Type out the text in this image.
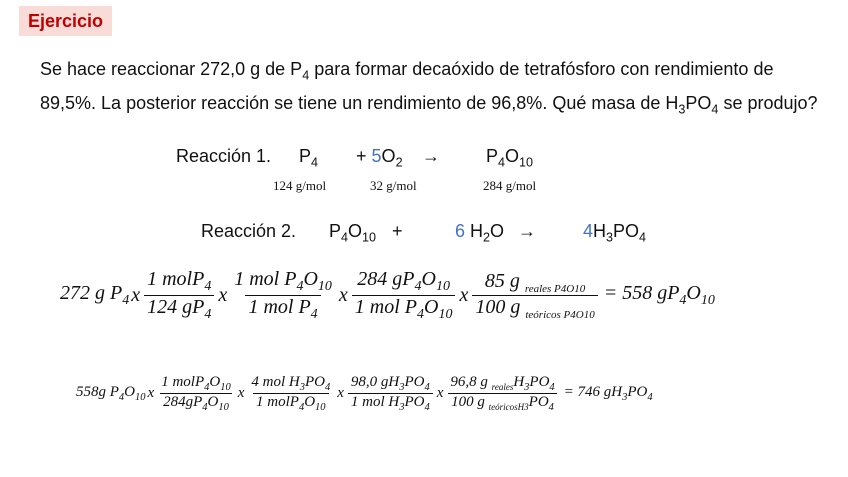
Ejercicio
Se hace reaccionar 272,0 g de $P_4$ para formar decaóxido de tetrafósforo con rendimiento de 89,5%. La posterior reacción se tiene un rendimiento de 96,8%. Qué masa de $H_3PO_4$ se produjo?
Reacción 1. $P_4 + 5O_2$ →	$P_4O_{10}$
124 g/mol	32 g/mol	284 g/mol
Reacción 2. $P_4O_{10}$ +	6 $H_2O$ →	$4H_3PO_4$
272 g $P_4$ x $\frac{1 molP_4}{124 gP_4}$ x $\frac{1 mol P_4O_{10}}{1 mol P_4}$ x $\frac{284 gP_4O_{10}}{1 mol P_4O_{10}}$ x $\frac{85 g _{reales P4O10}}{100 g _{teóricos P4O10}} = 558$ $gP_4O_{10}$
558g $P_4O_{10}$ x $\frac{1 molP_4O_{10}}{284gP_4O_{10}}$ x $\frac{4 mol H_3PO_4}{1 molP_4O_{10}}$ x $\frac{98,0 gH_3PO_4}{1 mol H_3PO_4}$ x $\frac{96,8 g _{reales}H_3PO_4}{100 g _{teóricosH3}PO_4} = 746$ $gH_3PO_4$
